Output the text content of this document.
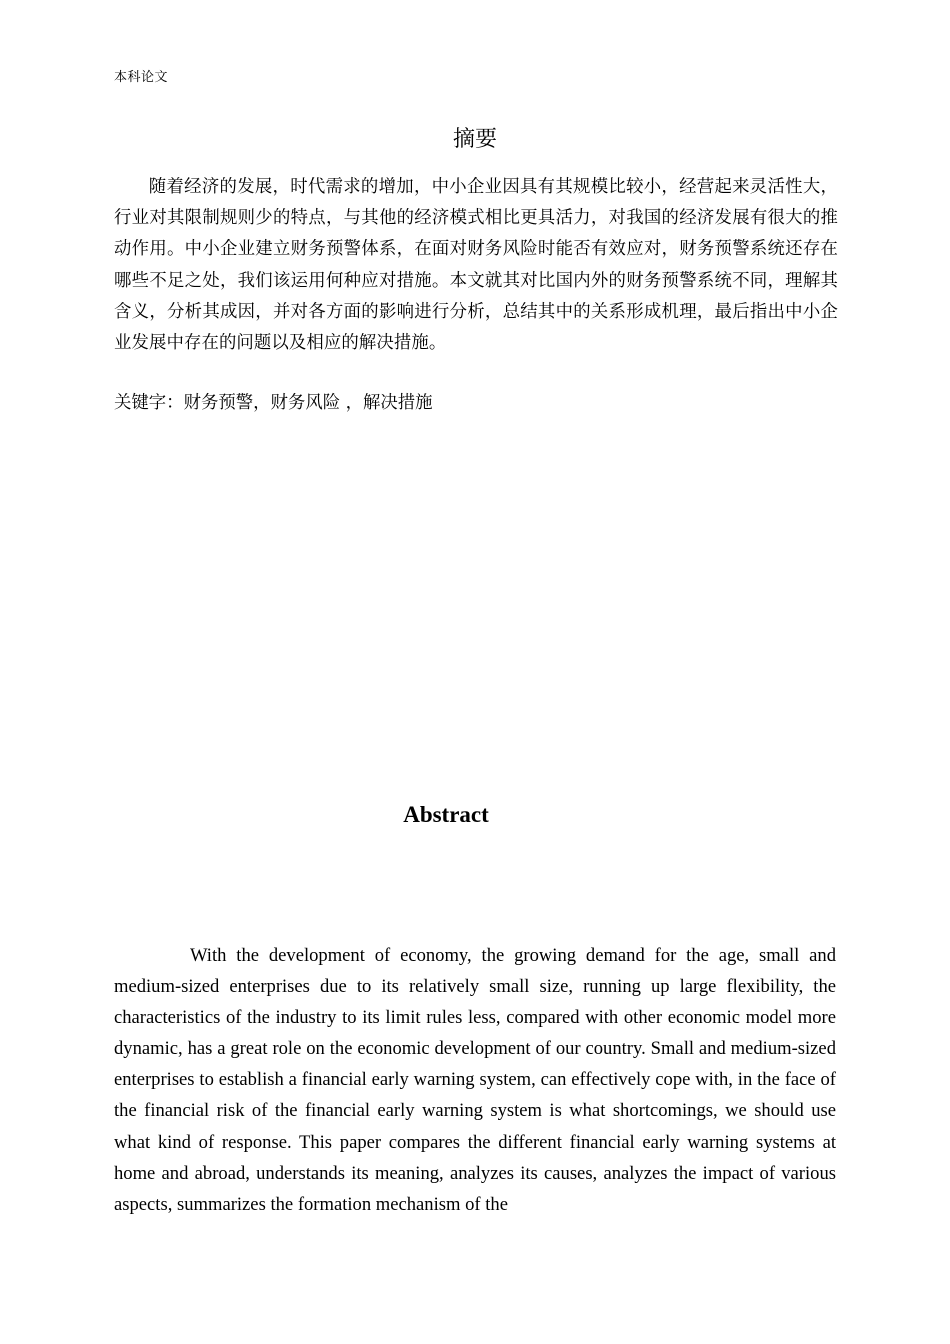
本科论文
摘要
随着经济的发展，时代需求的增加，中小企业因具有其规模比较小，经营起来灵活性大，行业对其限制规则少的特点，与其他的经济模式相比更具活力，对我国的经济发展有很大的推动作用。中小企业建立财务预警体系，在面对财务风险时能否有效应对，财务预警系统还存在哪些不足之处，我们该运用何种应对措施。本文就其对比国内外的财务预警系统不同，理解其含义，分析其成因，并对各方面的影响进行分析，总结其中的关系形成机理，最后指出中小企业发展中存在的问题以及相应的解决措施。
关键字：财务预警，财务风险 ，解决措施
Abstract
With the development of economy, the growing demand for the age, small and medium-sized enterprises due to its relatively small size, running up large flexibility, the characteristics of the industry to its limit rules less, compared with other economic model more dynamic, has a great role on the economic development of our country. Small and medium-sized enterprises to establish a financial early warning system, can effectively cope with, in the face of the financial risk of the financial early warning system is what shortcomings, we should use what kind of response. This paper compares the different financial early warning systems at home and abroad, understands its meaning, analyzes its causes, analyzes the impact of various aspects, summarizes the formation mechanism of the
